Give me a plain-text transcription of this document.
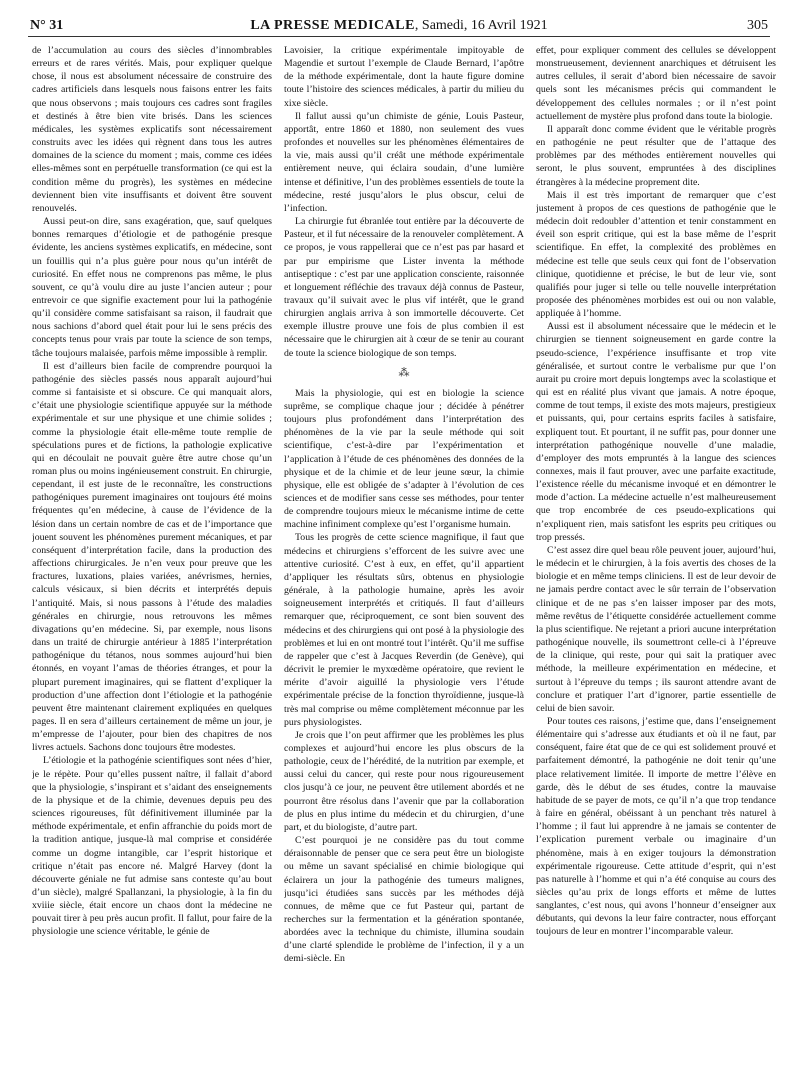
N° 31	LA PRESSE MEDICALE, Samedi, 16 Avril 1921	305

de l’accumulation au cours des siècles d’innombrables erreurs et de rares vérités. Mais, pour expliquer quelque chose, il nous est absolument nécessaire de construire des cadres artificiels dans lesquels nous faisons entrer les faits que nous observons ; mais toujours ces cadres sont fragiles et destinés à être bien vite brisés. Dans les sciences médicales, les systèmes explicatifs sont nécessairement construits avec les idées qui règnent dans tous les autres domaines de la science du moment ; mais, comme ces idées elles-mêmes sont en perpétuelle transformation (ce qui est la condition même du progrès), les systèmes en médecine deviennent bien vite insuffisants et doivent être souvent renouvelés.

Aussi peut-on dire, sans exagération, que, sauf quelques bonnes remarques d’étiologie et de pathogénie presque évidente, les anciens systèmes explicatifs, en médecine, sont un fouillis qui n’a plus guère pour nous qu’un intérêt de curiosité. En effet nous ne comprenons pas même, le plus souvent, ce qu’à voulu dire au juste l’ancien auteur ; pour entrevoir ce que signifie exactement pour lui la pathogénie qu’il considère comme satisfaisant sa raison, il faudrait que nous sachions d’abord quel était pour lui le sens précis des concepts tenus pour vrais par toute la science de son temps, tâche toujours malaisée, parfois même impossible à remplir.

Il est d’ailleurs bien facile de comprendre pourquoi la pathogénie des siècles passés nous apparaît aujourd’hui comme si fantaisiste et si obscure. Ce qui manquait alors, c’était une physiologie scientifique appuyée sur la méthode expérimentale et sur une physique et une chimie solides ; comme la physiologie était elle-même toute remplie de spéculations pures et de fictions, la pathologie explicative qui en découlait ne pouvait guère être autre chose qu’un roman plus ou moins ingénieusement construit. En chirurgie, cependant, il est juste de le reconnaître, les constructions pathogéniques purement imaginaires ont toujours été moins fréquentes qu’en médecine, à cause de l’évidence de la lésion dans un certain nombre de cas et de l’importance que jouent souvent les phénomènes purement mécaniques, et par conséquent d’interprétation facile, dans la production des affections chirurgicales. Je n’en veux pour preuve que les fractures, luxations, plaies variées, anévrismes, hernies, calculs vésicaux, si bien décrits et interprétés depuis l’antiquité. Mais, si nous passons à l’étude des maladies générales en chirurgie, nous retrouvons les mêmes divagations qu’en médecine. Si, par exemple, nous lisons dans un traité de chirurgie antérieur à 1885 l’interprétation pathogénique du tétanos, nous sommes aujourd’hui bien étonnés, en voyant l’amas de théories étranges, et pour la plupart purement imaginaires, qui se flattent d’expliquer la production d’une affection dont l’étiologie et la pathogénie peuvent être maintenant clairement expliquées en quelques pages. Il en sera d’ailleurs certainement de même un jour, je m’empresse de l’ajouter, pour bien des chapitres de nos livres actuels. Sachons donc toujours être modestes.

L’étiologie et la pathogénie scientifiques sont nées d’hier, je le répète. Pour qu’elles pussent naître, il fallait d’abord que la physiologie, s’inspirant et s’aidant des enseignements de la physique et de la chimie, devenues depuis peu des sciences rigoureuses, fût définitivement illuminée par la méthode expérimentale, et enfin affranchie du poids mort de la tradition antique, jusque-là mal comprise et considérée comme un dogme intangible, car l’esprit historique et critique n’était pas encore né. Malgré Harvey (dont la découverte géniale ne fut admise sans conteste qu’au bout d’un siècle), malgré Spallanzani, la physiologie, à la fin du xviiie siècle, était encore un chaos dont la médecine ne pouvait tirer à peu près aucun profit. Il fallut, pour faire de la physiologie une science véritable, le génie de

Lavoisier, la critique expérimentale impitoyable de Magendie et surtout l’exemple de Claude Bernard, l’apôtre de la méthode expérimentale, dont la haute figure domine toute l’histoire des sciences médicales, à partir du milieu du xixe siècle.

Il fallut aussi qu’un chimiste de génie, Louis Pasteur, apportât, entre 1860 et 1880, non seulement des vues profondes et nouvelles sur les phénomènes élémentaires de la vie, mais aussi qu’il créât une méthode expérimentale entièrement neuve, qui éclaira soudain, d’une lumière intense et définitive, l’un des problèmes essentiels de toute la médecine, resté jusqu’alors le plus obscur, celui de l’infection.

La chirurgie fut ébranlée tout entière par la découverte de Pasteur, et il fut nécessaire de la renouveler complètement. A ce propos, je vous rappellerai que ce n’est pas par hasard et par pur empirisme que Lister inventa la méthode antiseptique : c’est par une application consciente, raisonnée et longuement réfléchie des travaux déjà connus de Pasteur, travaux qu’il suivait avec le plus vif intérêt, que le grand chirurgien anglais arriva à son immortelle découverte. Cet exemple illustre prouve une fois de plus combien il est nécessaire que le chirurgien ait à cœur de se tenir au courant de toute la science biologique de son temps.

⁂

Mais la physiologie, qui est en biologie la science suprême, se complique chaque jour ; décidée à pénétrer toujours plus profondément dans l’interprétation des phénomènes de la vie par la seule méthode qui soit scientifique, c’est-à-dire par l’expérimentation et l’application à l’étude de ces phénomènes des données de la physique et de la chimie et de leur jeune sœur, la chimie physique, elle est obligée de s’adapter à l’évolution de ces sciences et de modifier sans cesse ses méthodes, pour tenter de comprendre toujours mieux le mécanisme intime de cette machine infiniment complexe qu’est l’organisme humain.

Tous les progrès de cette science magnifique, il faut que médecins et chirurgiens s’efforcent de les suivre avec une attentive curiosité. C’est à eux, en effet, qu’il appartient d’appliquer les résultats sûrs, obtenus en physiologie générale, à la pathologie humaine, après les avoir soigneusement interprétés et critiqués. Il faut d’ailleurs remarquer que, réciproquement, ce sont bien souvent des médecins et des chirurgiens qui ont posé à la physiologie des problèmes et lui en ont montré tout l’intérêt. Qu’il me suffise de rappeler que c’est à Jacques Reverdin (de Genève), qui décrivit le premier le myxœdème opératoire, que revient le mérite d’avoir aiguillé la physiologie vers l’étude expérimentale précise de la fonction thyroïdienne, jusque-là très mal comprise ou même complètement méconnue par les purs physiologistes.

Je crois que l’on peut affirmer que les problèmes les plus complexes et aujourd’hui encore les plus obscurs de la pathologie, ceux de l’hérédité, de la nutrition par exemple, et aussi celui du cancer, qui reste pour nous rigoureusement clos jusqu’à ce jour, ne peuvent être utilement abordés et ne pourront être résolus dans l’avenir que par la collaboration de plus en plus intime du médecin et du chirurgien, d’une part, et du biologiste, d’autre part.

C’est pourquoi je ne considère pas du tout comme déraisonnable de penser que ce sera peut être un biologiste ou même un savant spécialisé en chimie biologique qui éclairera un jour la pathogénie des tumeurs malignes, jusqu’ici étudiées sans succès par les méthodes déjà connues, de même que ce fut Pasteur qui, partant de recherches sur la fermentation et la génération spontanée, abordées avec la technique du chimiste, illumina soudain d’une clarté splendide le problème de l’infection, il y a un demi-siècle. En

effet, pour expliquer comment des cellules se développent monstrueusement, deviennent anarchiques et détruisent les autres cellules, il serait d’abord bien nécessaire de savoir quels sont les mécanismes précis qui commandent le développement des cellules normales ; or il n’est point actuellement de mystère plus profond dans toute la biologie.

Il apparaît donc comme évident que le véritable progrès en pathogénie ne peut résulter que de l’attaque des problèmes par des méthodes entièrement nouvelles qui seront, le plus souvent, empruntées à des disciplines étrangères à la médecine proprement dite.

Mais il est très important de remarquer que c’est justement à propos de ces questions de pathogénie que le médecin doit redoubler d’attention et tenir constamment en éveil son esprit critique, qui est la base même de l’esprit scientifique. En effet, la complexité des problèmes en médecine est telle que seuls ceux qui font de l’observation clinique, quotidienne et précise, le but de leur vie, sont qualifiés pour juger si telle ou telle nouvelle interprétation proposée des phénomènes morbides est oui ou non valable, appliquée à l’homme.

Aussi est il absolument nécessaire que le médecin et le chirurgien se tiennent soigneusement en garde contre la pseudo-science, l’expérience insuffisante et trop vite généralisée, et surtout contre le verbalisme pur que l’on aurait pu croire mort depuis longtemps avec la scolastique et qui est en réalité plus vivant que jamais. A notre époque, comme de tout temps, il existe des mots majeurs, prestigieux et puissants, qui, pour certains esprits faciles à satisfaire, expliquent tout. Et pourtant, il ne suffit pas, pour donner une interprétation pathogénique nouvelle d’une maladie, d’employer des mots empruntés à la langue des sciences connexes, mais il faut prouver, avec une parfaite exactitude, l’existence réelle du mécanisme invoqué et en démontrer le mode d’action. La médecine actuelle n’est malheureusement que trop encombrée de ces pseudo-explications qui n’expliquent rien, mais satisfont les esprits peu critiques ou trop pressés.

C’est assez dire quel beau rôle peuvent jouer, aujourd’hui, le médecin et le chirurgien, à la fois avertis des choses de la biologie et en même temps cliniciens. Il est de leur devoir de ne jamais perdre contact avec le sûr terrain de l’observation clinique et de ne pas s’en laisser imposer par des mots, même revêtus de l’étiquette considérée actuellement comme la plus scientifique. Ne rejetant a priori aucune interprétation pathogénique nouvelle, ils soumettront celle-ci à l’épreuve de la clinique, qui reste, pour qui sait la pratiquer avec méthode, la meilleure expérimentation en médecine, et surtout à l’épreuve du temps ; ils sauront attendre avant de conclure et pratiquer l’art d’ignorer, partie essentielle de celui de bien savoir.

Pour toutes ces raisons, j’estime que, dans l’enseignement élémentaire qui s’adresse aux étudiants et où il ne faut, par conséquent, faire état que de ce qui est solidement prouvé et parfaitement démontré, la pathogénie ne doit tenir qu’une place relativement limitée. Il importe de mettre l’élève en garde, dès le début de ses études, contre la mauvaise habitude de se payer de mots, ce qu’il n’a que trop tendance à faire en général, obéissant à un penchant très naturel à l’homme ; il faut lui apprendre à ne jamais se contenter de l’explication purement verbale ou imaginaire d’un phénomène, mais à en exiger toujours la démonstration expérimentale rigoureuse. Cette attitude d’esprit, qui n’est pas naturelle à l’homme et qui n’a été conquise au cours des siècles qu’au prix de longs efforts et même de luttes sanglantes, c’est nous, qui avons l’honneur d’enseigner aux débutants, qui devons la leur faire contracter, nous efforçant toujours de leur en montrer l’incomparable valeur.
